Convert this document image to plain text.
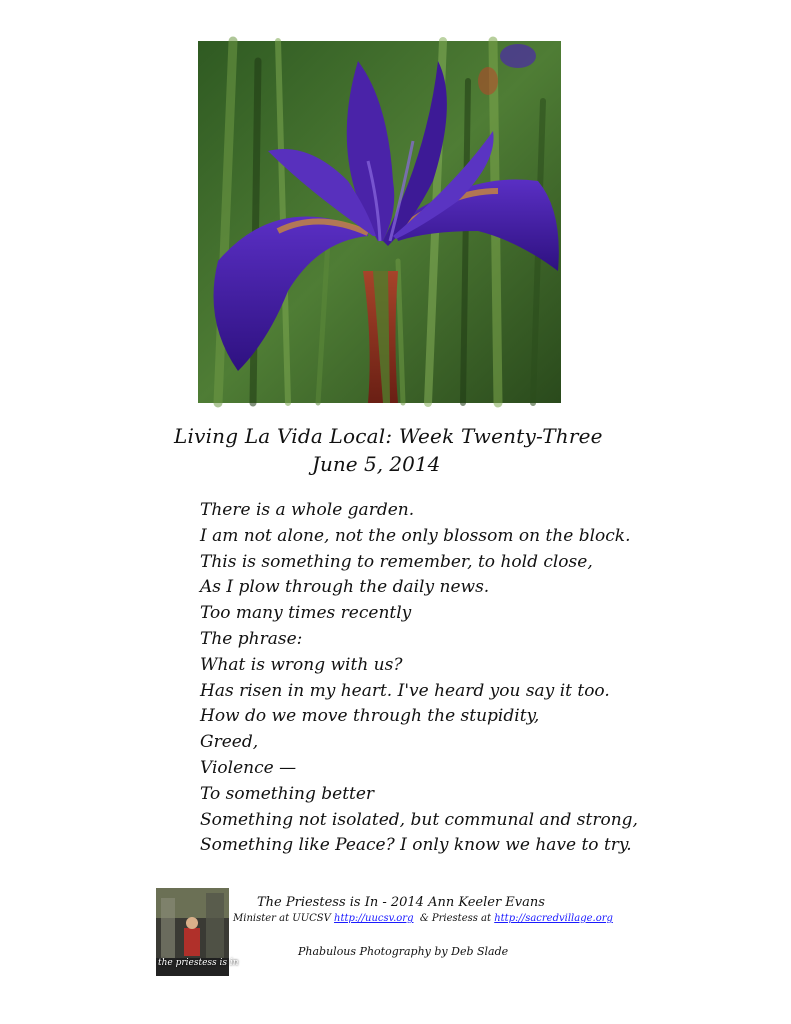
Living La Vida Local: Week Twenty-Three
June 5, 2014
There is a whole garden.
I am not alone, not the only blossom on the block.
This is something to remember, to hold close,
As I plow through the daily news.
Too many times recently
The phrase:
What is wrong with us?
Has risen in my heart. I've heard you say it too.
How do we move through the stupidity,
Greed,
Violence —
To something better
Something not isolated, but communal and strong,
Something like Peace? I only know we have to try.
the priestess is in
The Priestess is In - 2014 Ann Keeler Evans
Minister at UUCSV http://uucsv.org  & Priestess at http://sacredvillage.org
Phabulous Photography by Deb Slade
